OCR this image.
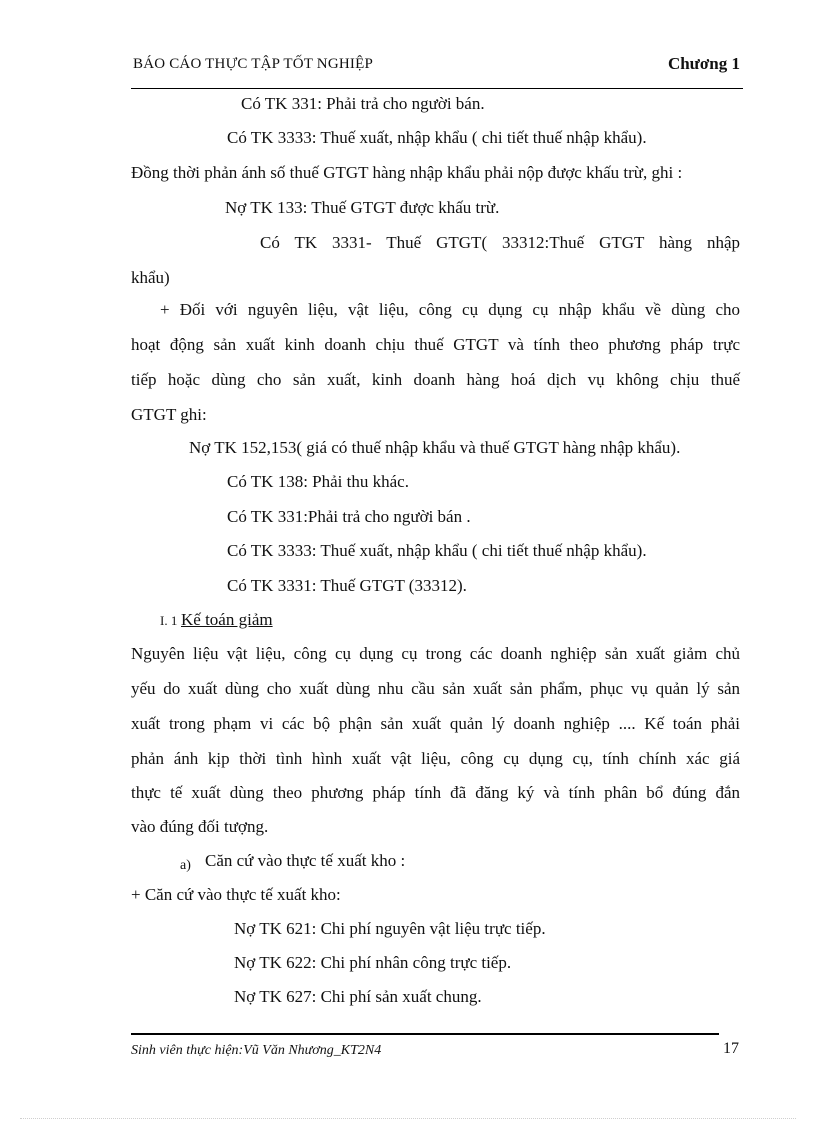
BÁO CÁO THỰC TẬP TỐT NGHIỆP	Chương 1
Có TK 331: Phải trả cho người bán.
Có TK 3333: Thuế xuất, nhập khẩu ( chi tiết thuế nhập khẩu).
Đồng thời phản ánh số thuế GTGT hàng nhập khẩu phải nộp được khấu trừ, ghi :
Nợ TK 133: Thuế GTGT được khấu trừ.
Có TK 3331- Thuế GTGT( 33312:Thuế GTGT hàng nhập
khẩu)
+ Đối với nguyên liệu, vật liệu, công cụ dụng cụ nhập khẩu về dùng cho
hoạt động sản xuất kinh doanh chịu thuế GTGT và tính theo phương pháp trực
tiếp hoặc dùng cho sản xuất, kinh doanh hàng hoá dịch vụ không chịu thuế
GTGT ghi:
Nợ TK 152,153( giá có thuế nhập khẩu và thuế GTGT hàng nhập khẩu).
Có TK 138: Phải thu khác.
Có TK 331:Phải trả cho người bán .
Có TK 3333: Thuế xuất, nhập khẩu ( chi tiết thuế nhập khẩu).
Có TK 3331: Thuế GTGT (33312).
I. 1 Kế toán giảm
Nguyên liệu vật liệu, công cụ dụng cụ trong các doanh nghiệp sản xuất giảm chủ
yếu do xuất dùng cho xuất dùng nhu cầu sản xuất sản phẩm, phục vụ quản lý sản
xuất trong phạm vi các bộ phận sản xuất quản lý doanh nghiệp .... Kế toán phải
phản ánh kịp thời tình hình xuất vật liệu, công cụ dụng cụ, tính chính xác giá
thực tế xuất dùng theo phương pháp tính đã đăng ký và tính phân bổ đúng đắn
vào đúng đối tượng.
a) Căn cứ vào thực tế xuất kho :
+ Căn cứ vào thực tế xuất kho:
Nợ TK 621: Chi phí nguyên vật liệu trực tiếp.
Nợ TK 622: Chi phí nhân công trực tiếp.
Nợ TK 627: Chi phí sản xuất chung.
Sinh viên thực hiện:Vũ Văn Nhương_KT2N4	17
